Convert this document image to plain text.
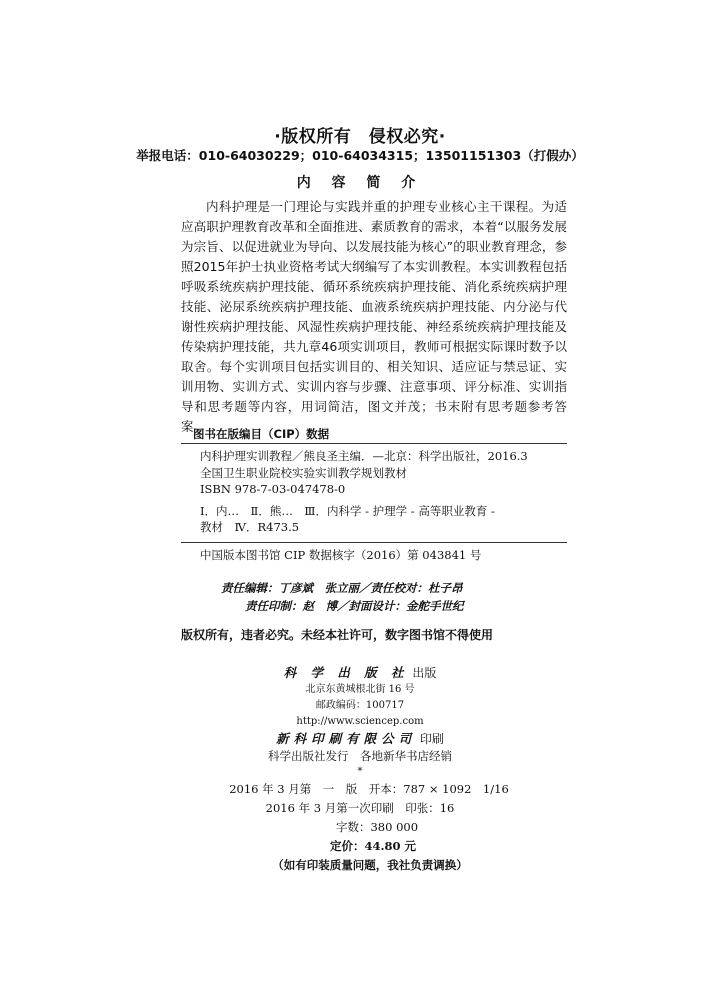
·版权所有　侵权必究·
举报电话：010-64030229；010-64034315；13501151303（打假办）
内 容 简 介
内科护理是一门理论与实践并重的护理专业核心主干课程。为适应高职护理教育改革和全面推进、素质教育的需求，本着“以服务发展为宗旨、以促进就业为导向、以发展技能为核心”的职业教育理念，参照2015年护士执业资格考试大纲编写了本实训教程。本实训教程包括呼吸系统疾病护理技能、循环系统疾病护理技能、消化系统疾病护理技能、泌尿系统疾病护理技能、血液系统疾病护理技能、内分泌与代谢性疾病护理技能、风湿性疾病护理技能、神经系统疾病护理技能及传染病护理技能，共九章46项实训项目，教师可根据实际课时数予以取舍。每个实训项目包括实训目的、相关知识、适应证与禁忌证、实训用物、实训方式、实训内容与步骤、注意事项、评分标准、实训指导和思考题等内容，用词简洁，图文并茂；书末附有思考题参考答案。
图书在版编目（CIP）数据
内科护理实训教程／熊良圣主编．—北京：科学出版社，2016.3
全国卫生职业院校实验实训教学规划教材
ISBN 978-7-03-047478-0
Ⅰ．内…　Ⅱ．熊…　Ⅲ．内科学 - 护理学 - 高等职业教育 -
教材　Ⅳ．R473.5
中国版本图书馆 CIP 数据核字（2016）第 043841 号
责任编辑：丁彦斌　张立丽／责任校对：杜子昂
责任印制：赵　博／封面设计：金舵手世纪
版权所有，违者必究。未经本社许可，数字图书馆不得使用
科 学 出 版 社 出版
北京东黄城根北街 16 号
邮政编码：100717
http://www.sciencep.com
新科印刷有限公司 印刷
科学出版社发行　各地新华书店经销
*
2016 年 3 月第　一　版　开本：787 × 1092　1/16
2016 年 3 月第一次印刷　印张：16
字数：380 000
定价：44.80 元
（如有印装质量问题，我社负责调换）
